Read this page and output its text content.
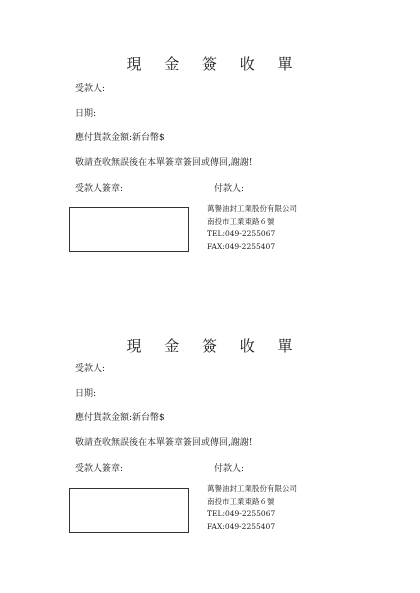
現 金 簽 收 單
受款人:
日期:
應付貨款金額:新台幣$
敬請查收無誤後在本單簽章簽回或傳回,謝謝!
受款人簽章:	付款人:
萬譽油封工業股份有限公司
南投市工業東路６號
TEL:049-2255067
FAX:049-2255407
現 金 簽 收 單
受款人:
日期:
應付貨款金額:新台幣$
敬請查收無誤後在本單簽章簽回或傳回,謝謝!
受款人簽章:	付款人:
萬譽油封工業股份有限公司
南投市工業東路６號
TEL:049-2255067
FAX:049-2255407
